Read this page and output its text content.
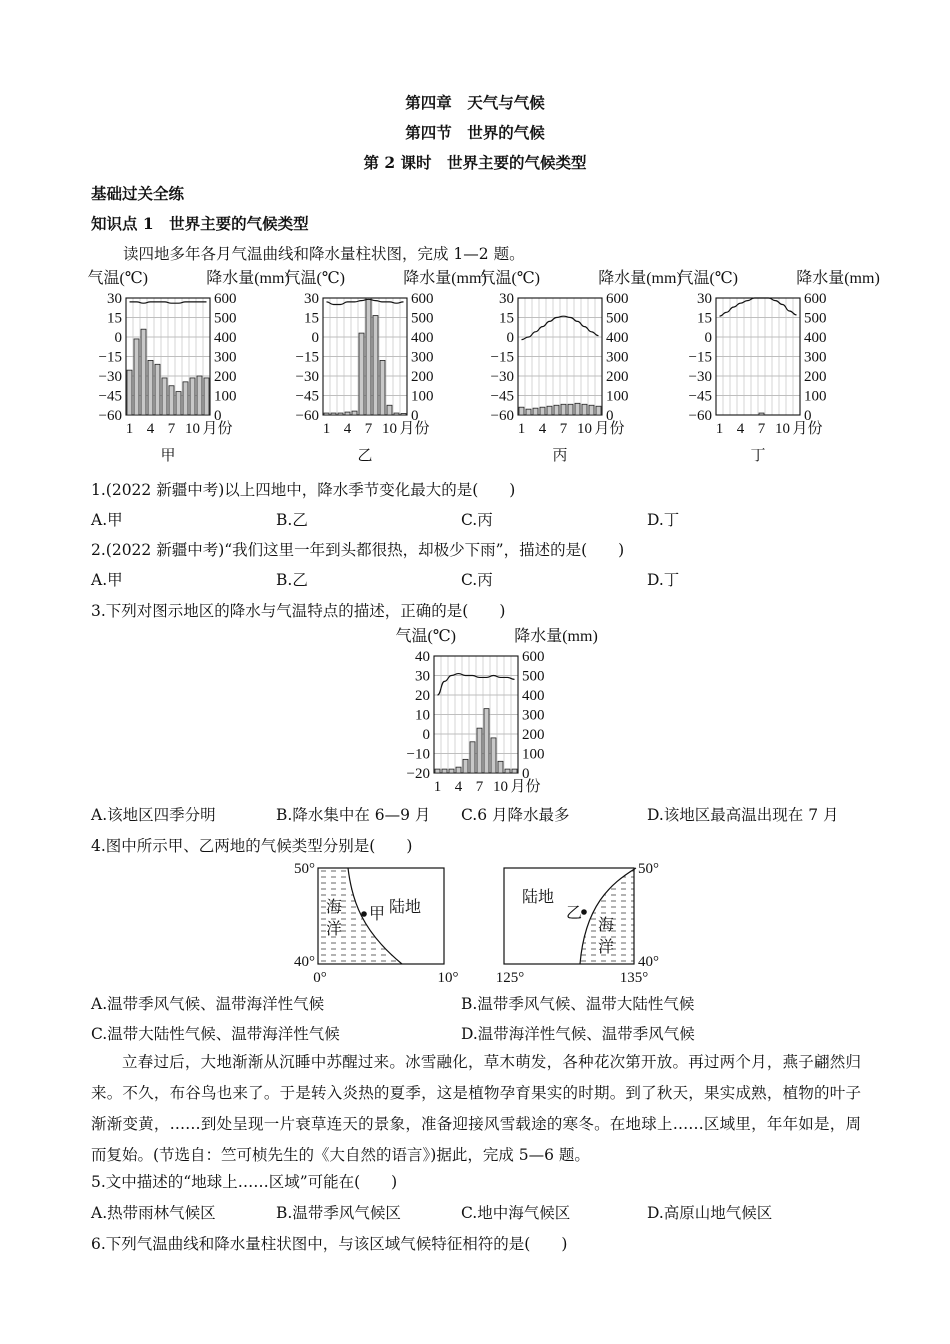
第四章　天气与气候
第四节　世界的气候
第 2 课时　世界主要的气候类型
基础过关全练
知识点 1　世界主要的气候类型
读四地多年各月气温曲线和降水量柱状图，完成 1—2 题。
气温(℃)	降水量(mm)
30
15
0
−15
−30
−45
−60
600
500
400
300
200
100
0
1 4 7 10 月份
甲
气温(℃)	降水量(mm)
30
15
0
−15
−30
−45
−60
600
500
400
300
200
100
0
1 4 7 10 月份
乙
气温(℃)	降水量(mm)
30
15
0
−15
−30
−45
−60
600
500
400
300
200
100
0
1 4 7 10 月份
丙
气温(℃)	降水量(mm)
30
15
0
−15
−30
−45
−60
600
500
400
300
200
100
0
1 4 7 10 月份
丁
1.(2022 新疆中考)以上四地中，降水季节变化最大的是(　　)
A.甲	B.乙	C.丙	D.丁
2.(2022 新疆中考)“我们这里一年到头都很热，却极少下雨”，描述的是(　　)
A.甲	B.乙	C.丙	D.丁
3.下列对图示地区的降水与气温特点的描述，正确的是(　　)
气温(℃)	降水量(mm)
40
30
20
10
0
−10
−20
600
500
400
300
200
100
0
1 4 7 10 月份
A.该地区四季分明	B.降水集中在 6—9 月 C.6 月降水最多	D.该地区最高温出现在 7 月
4.图中所示甲、乙两地的气候类型分别是(　　)
50°
40°
0°	10°
海
洋
甲 陆地
50°
40°
125°	135°
陆地
乙
海
洋
A.温带季风气候、温带海洋性气候	B.温带季风气候、温带大陆性气候
C.温带大陆性气候、温带海洋性气候	D.温带海洋性气候、温带季风气候
立春过后，大地渐渐从沉睡中苏醒过来。冰雪融化，草木萌发，各种花次第开放。再过两个月，燕子翩然归来。不久，布谷鸟也来了。于是转入炎热的夏季，这是植物孕育果实的时期。到了秋天，果实成熟，植物的叶子渐渐变黄，……到处呈现一片衰草连天的景象，准备迎接风雪载途的寒冬。在地球上……区域里，年年如是，周而复始。(节选自：竺可桢先生的《大自然的语言》)据此，完成 5—6 题。
5.文中描述的“地球上……区域”可能在(　　)
A.热带雨林气候区	B.温带季风气候区	C.地中海气候区	D.高原山地气候区
6.下列气温曲线和降水量柱状图中，与该区域气候特征相符的是(　　)
